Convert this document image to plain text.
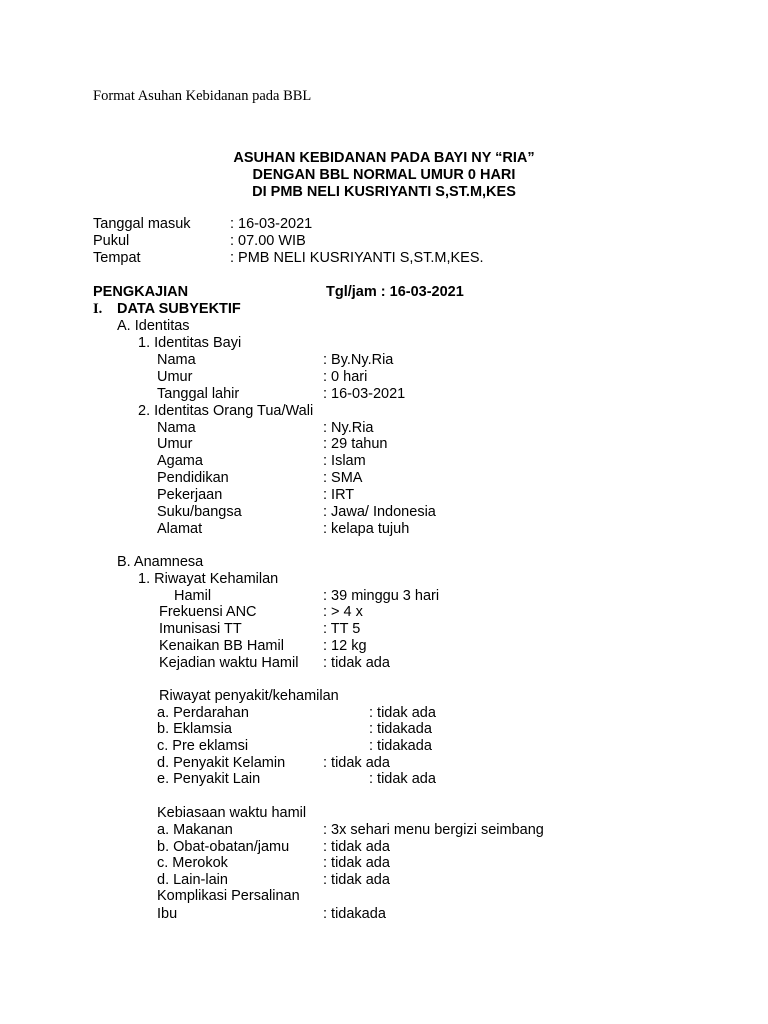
Format Asuhan Kebidanan pada BBL
ASUHAN KEBIDANAN PADA BAYI NY “RIA”
DENGAN BBL NORMAL UMUR 0 HARI
DI PMB NELI KUSRIYANTI S,ST.M,KES
Tanggal masuk	: 16-03-2021
Pukul	: 07.00 WIB
Tempat	: PMB NELI KUSRIYANTI S,ST.M,KES.
PENGKAJIAN	Tgl/jam : 16-03-2021
I. DATA SUBYEKTIF
A. Identitas
1. Identitas Bayi
Nama	: By.Ny.Ria
Umur	: 0 hari
Tanggal lahir	: 16-03-2021
2. Identitas Orang Tua/Wali
Nama	: Ny.Ria
Umur	: 29 tahun
Agama	: Islam
Pendidikan	: SMA
Pekerjaan	: IRT
Suku/bangsa	: Jawa/ Indonesia
Alamat	: kelapa tujuh
B. Anamnesa
1. Riwayat Kehamilan
Hamil	: 39 minggu 3 hari
Frekuensi ANC	: > 4 x
Imunisasi TT	: TT 5
Kenaikan BB Hamil	: 12 kg
Kejadian waktu Hamil : tidak ada
Riwayat penyakit/kehamilan
a. Perdarahan	: tidak ada
b. Eklamsia	: tidakada
c. Pre eklamsi	: tidakada
d. Penyakit Kelamin	: tidak ada
e. Penyakit Lain	: tidak ada
Kebiasaan waktu hamil
a. Makanan	: 3x sehari menu bergizi seimbang
b. Obat-obatan/jamu : tidak ada
c. Merokok	: tidak ada
d. Lain-lain	: tidak ada
Komplikasi Persalinan
Ibu	: tidakada
